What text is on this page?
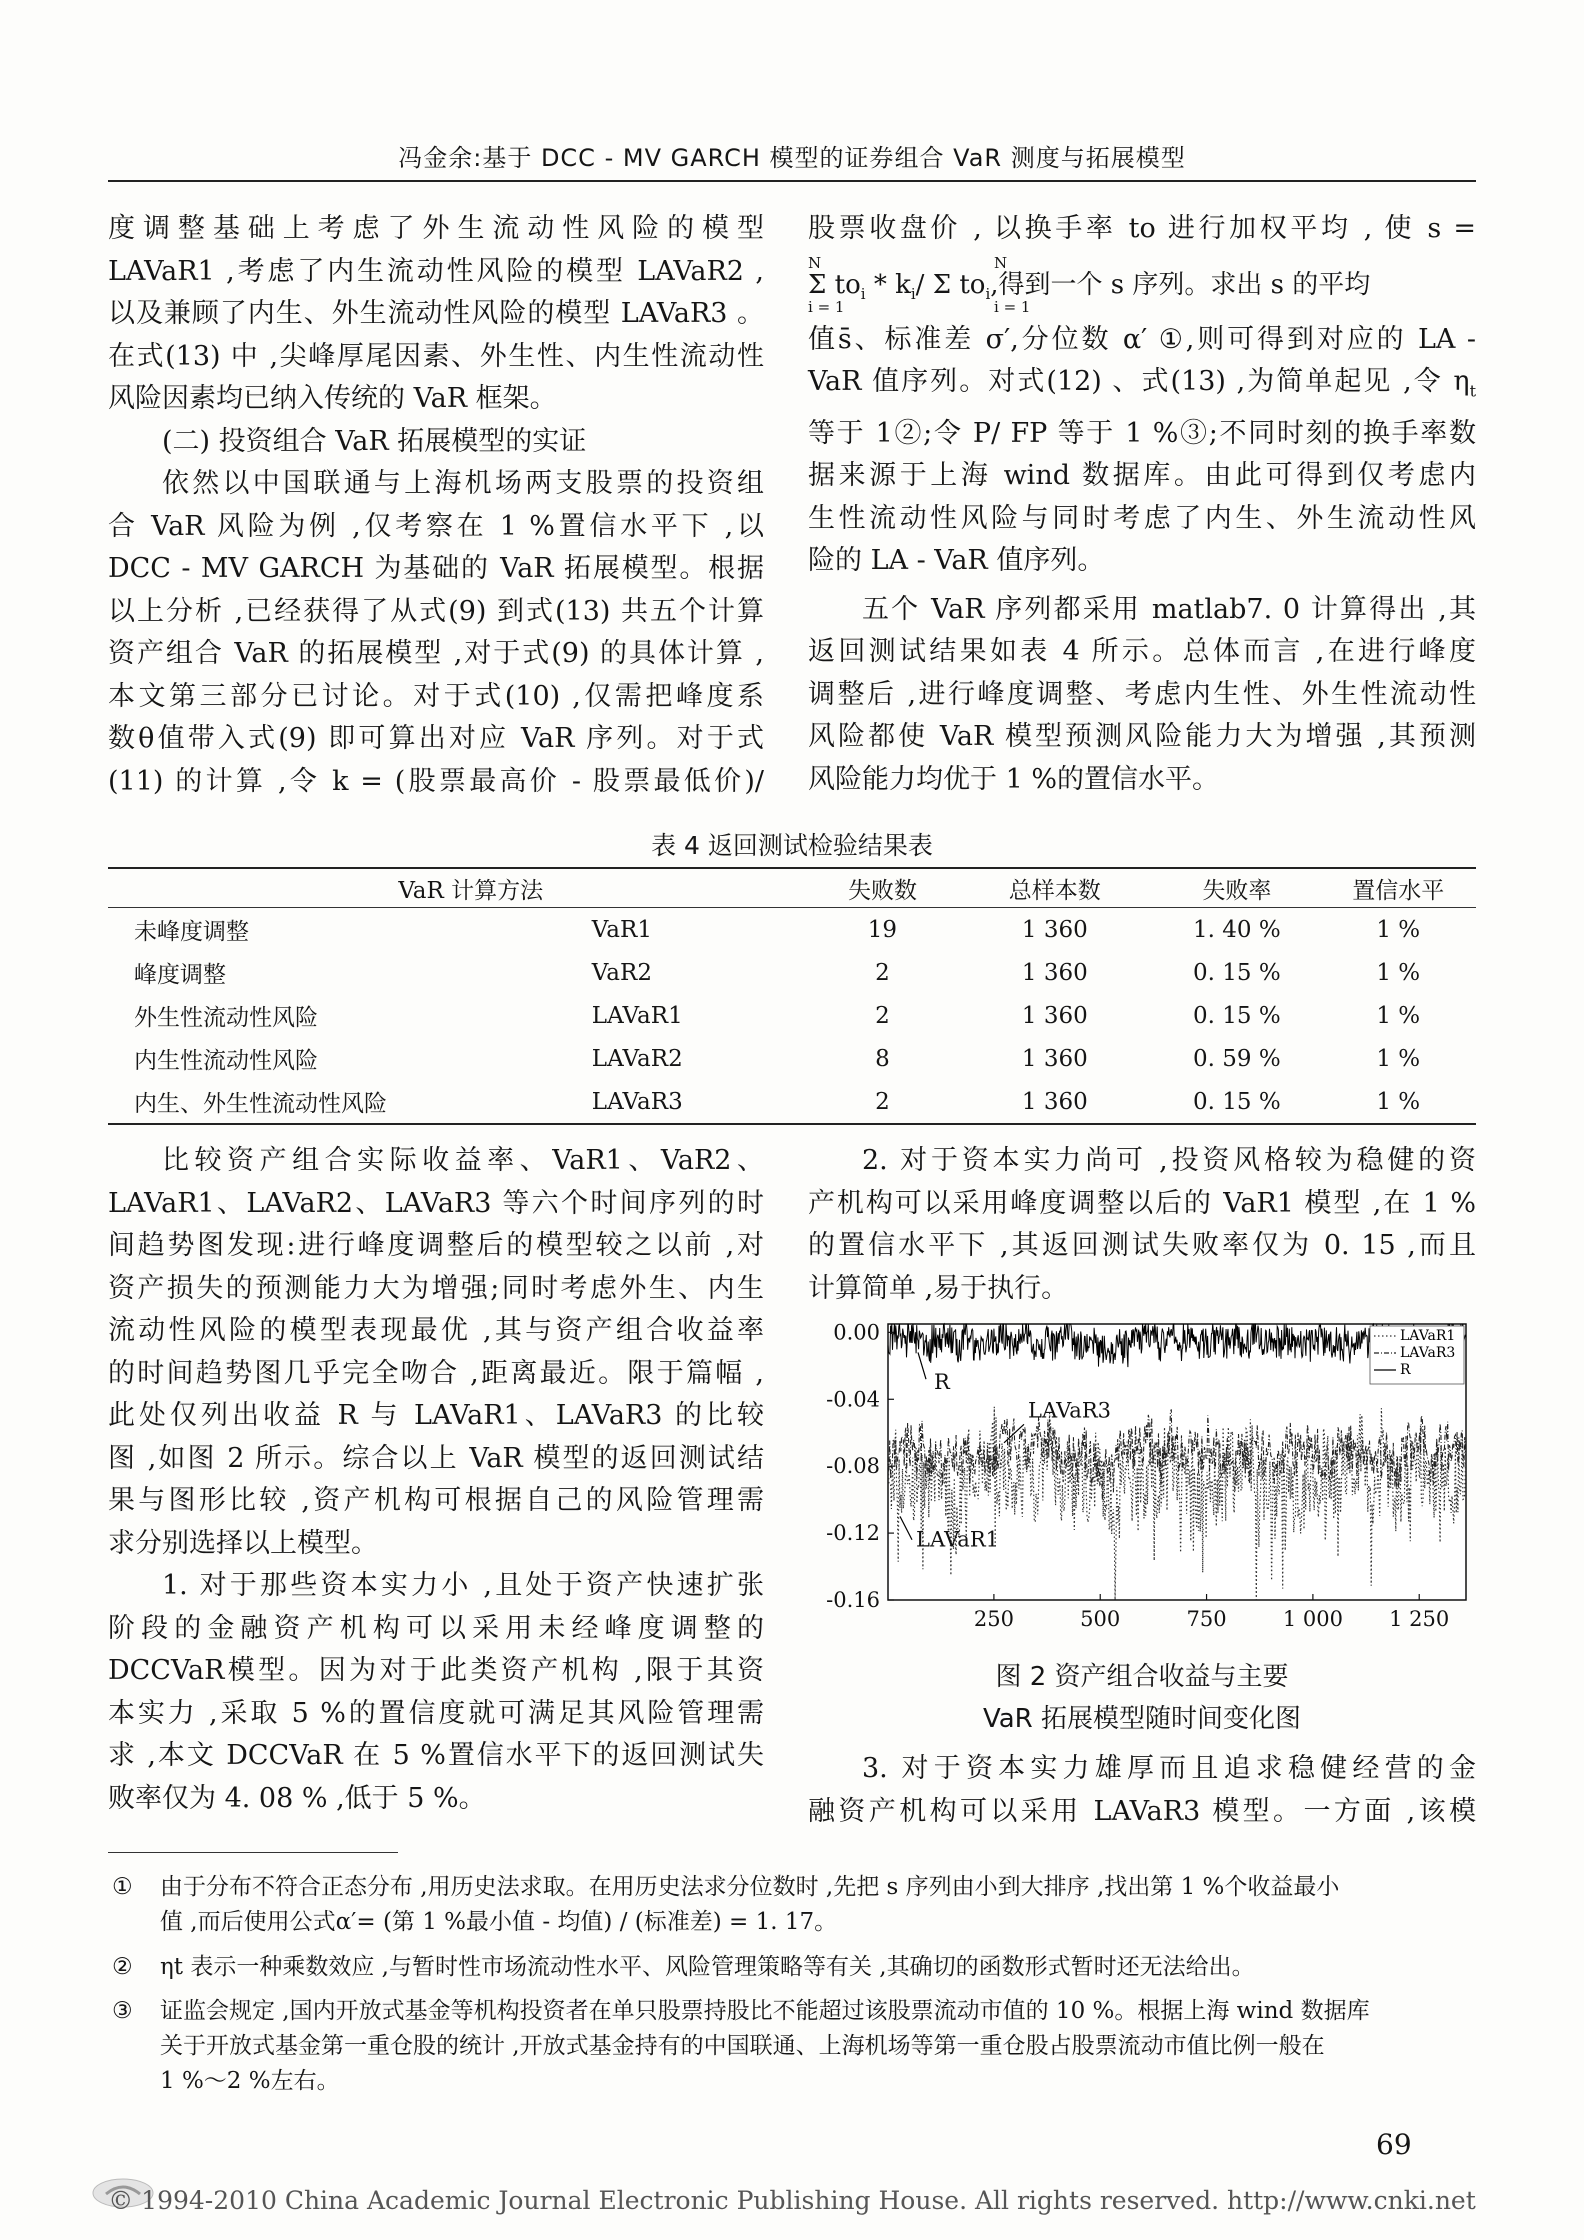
冯金余:基于 DCC - MV GARCH 模型的证券组合 VaR 测度与拓展模型

度调整基础上考虑了外生流动性风险的模型

LAVaR1 ,考虑了内生流动性风险的模型 LAVaR2 ,

以及兼顾了内生、外生流动性风险的模型 LAVaR3 。

在式(13) 中 ,尖峰厚尾因素、外生性、内生性流动性

风险因素均已纳入传统的 VaR 框架。

(二) 投资组合 VaR 拓展模型的实证

依然以中国联通与上海机场两支股票的投资组

合 VaR 风险为例 ,仅考察在 1 %置信水平下 ,以

DCC - MV GARCH 为基础的 VaR 拓展模型。根据

以上分析 ,已经获得了从式(9) 到式(13) 共五个计算

资产组合 VaR 的拓展模型 ,对于式(9) 的具体计算 ,

本文第三部分已讨论。对于式(10) ,仅需把峰度系

数θ值带入式(9) 即可算出对应 VaR 序列。对于式

(11) 的计算 ,令 k = (股票最高价 - 股票最低价)/

股票收盘价 , 以换手率 to 进行加权平均 , 使 s =

N
i = 1
Σ $to_i * k_i/$ Σ $to_i$,得到一个 s 序列。求出 s 的平均
N
i = 1

值s̄、标准差 σ′,分位数 α′ ①,则可得到对应的 LA -

VaR 值序列。对式(12) 、式(13) ,为简单起见 ,令 $\eta_t$

等于 1②;令 P/ FP 等于 1 %③;不同时刻的换手率数

据来源于上海 wind 数据库。由此可得到仅考虑内

生性流动性风险与同时考虑了内生、外生流动性风

险的 LA - VaR 值序列。

五个 VaR 序列都采用 matlab7. 0 计算得出 ,其

返回测试结果如表 4 所示。总体而言 ,在进行峰度

调整后 ,进行峰度调整、考虑内生性、外生性流动性

风险都使 VaR 模型预测风险能力大为增强 ,其预测

风险能力均优于 1 %的置信水平。

表 4 返回测试检验结果表
VaR 计算方法		失败数	总样本数	失败率	置信水平
未峰度调整	VaR1	19	1 360	1. 40 %	1 %
峰度调整	VaR2	2	1 360	0. 15 %	1 %
外生性流动性风险	LAVaR1	2	1 360	0. 15 %	1 %
内生性流动性风险	LAVaR2	8	1 360	0. 59 %	1 %
内生、外生性流动性风险	LAVaR3	2	1 360	0. 15 %	1 %

比较资产组合实际收益率、VaR1、VaR2、

LAVaR1、LAVaR2、LAVaR3 等六个时间序列的时

间趋势图发现:进行峰度调整后的模型较之以前 ,对

资产损失的预测能力大为增强;同时考虑外生、内生

流动性风险的模型表现最优 ,其与资产组合收益率

的时间趋势图几乎完全吻合 ,距离最近。限于篇幅 ,

此处仅列出收益 R 与 LAVaR1、LAVaR3 的比较

图 ,如图 2 所示。综合以上 VaR 模型的返回测试结

果与图形比较 ,资产机构可根据自己的风险管理需

求分别选择以上模型。

1. 对于那些资本实力小 ,且处于资产快速扩张

阶段的金融资产机构可以采用未经峰度调整的

DCCVaR模型。因为对于此类资产机构 ,限于其资

本实力 ,采取 5 %的置信度就可满足其风险管理需

求 ,本文 DCCVaR 在 5 %置信水平下的返回测试失

败率仅为 4. 08 % ,低于 5 %。

2. 对于资本实力尚可 ,投资风格较为稳健的资

产机构可以采用峰度调整以后的 VaR1 模型 ,在 1 %

的置信水平下 ,其返回测试失败率仅为 0. 15 ,而且

计算简单 ,易于执行。

0.00
-0.04
-0.08
-0.12
-0.16
250	500	750	1 000 1 250
LAVaR1
LAVaR3
R
R
LAVaR3
LAVaR1
图 2 资产组合收益与主要
VaR 拓展模型随时间变化图

3. 对于资本实力雄厚而且追求稳健经营的金

融资产机构可以采用 LAVaR3 模型。一方面 ,该模

① 由于分布不符合正态分布 ,用历史法求取。在用历史法求分位数时 ,先把 s 序列由小到大排序 ,找出第 1 %个收益最小
值 ,而后使用公式α′= (第 1 %最小值 - 均值) / (标准差) = 1. 17。
② ηt 表示一种乘数效应 ,与暂时性市场流动性水平、风险管理策略等有关 ,其确切的函数形式暂时还无法给出。
③ 证监会规定 ,国内开放式基金等机构投资者在单只股票持股比不能超过该股票流动市值的 10 %。根据上海 wind 数据库
关于开放式基金第一重仓股的统计 ,开放式基金持有的中国联通、上海机场等第一重仓股占股票流动市值比例一般在
1 %～2 %左右。
69
© 1994-2010 China Academic Journal Electronic Publishing House. All rights reserved. http://www.cnki.net
